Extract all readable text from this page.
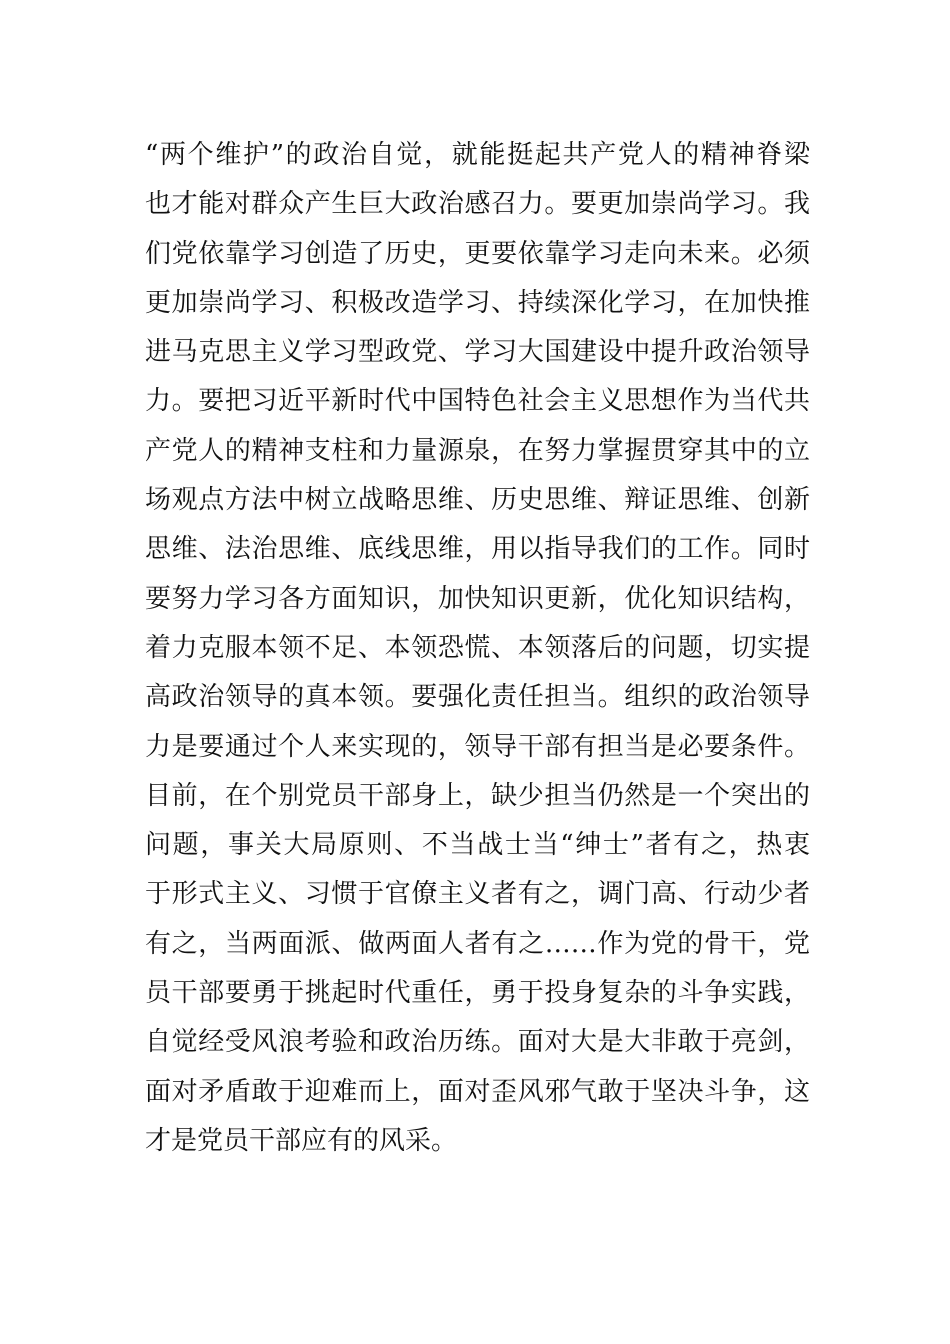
“两个维护”的政治自觉，就能挺起共产党人的精神脊梁
也才能对群众产生巨大政治感召力。要更加崇尚学习。我
们党依靠学习创造了历史，更要依靠学习走向未来。必须
更加崇尚学习、积极改造学习、持续深化学习，在加快推
进马克思主义学习型政党、学习大国建设中提升政治领导
力。要把习近平新时代中国特色社会主义思想作为当代共
产党人的精神支柱和力量源泉，在努力掌握贯穿其中的立
场观点方法中树立战略思维、历史思维、辩证思维、创新
思维、法治思维、底线思维，用以指导我们的工作。同时
要努力学习各方面知识，加快知识更新，优化知识结构，
着力克服本领不足、本领恐慌、本领落后的问题，切实提
高政治领导的真本领。要强化责任担当。组织的政治领导
力是要通过个人来实现的，领导干部有担当是必要条件。
目前，在个别党员干部身上，缺少担当仍然是一个突出的
问题，事关大局原则、不当战士当“绅士”者有之，热衷
于形式主义、习惯于官僚主义者有之，调门高、行动少者
有之，当两面派、做两面人者有之……作为党的骨干，党
员干部要勇于挑起时代重任，勇于投身复杂的斗争实践，
自觉经受风浪考验和政治历练。面对大是大非敢于亮剑，
面对矛盾敢于迎难而上，面对歪风邪气敢于坚决斗争，这
才是党员干部应有的风采。
